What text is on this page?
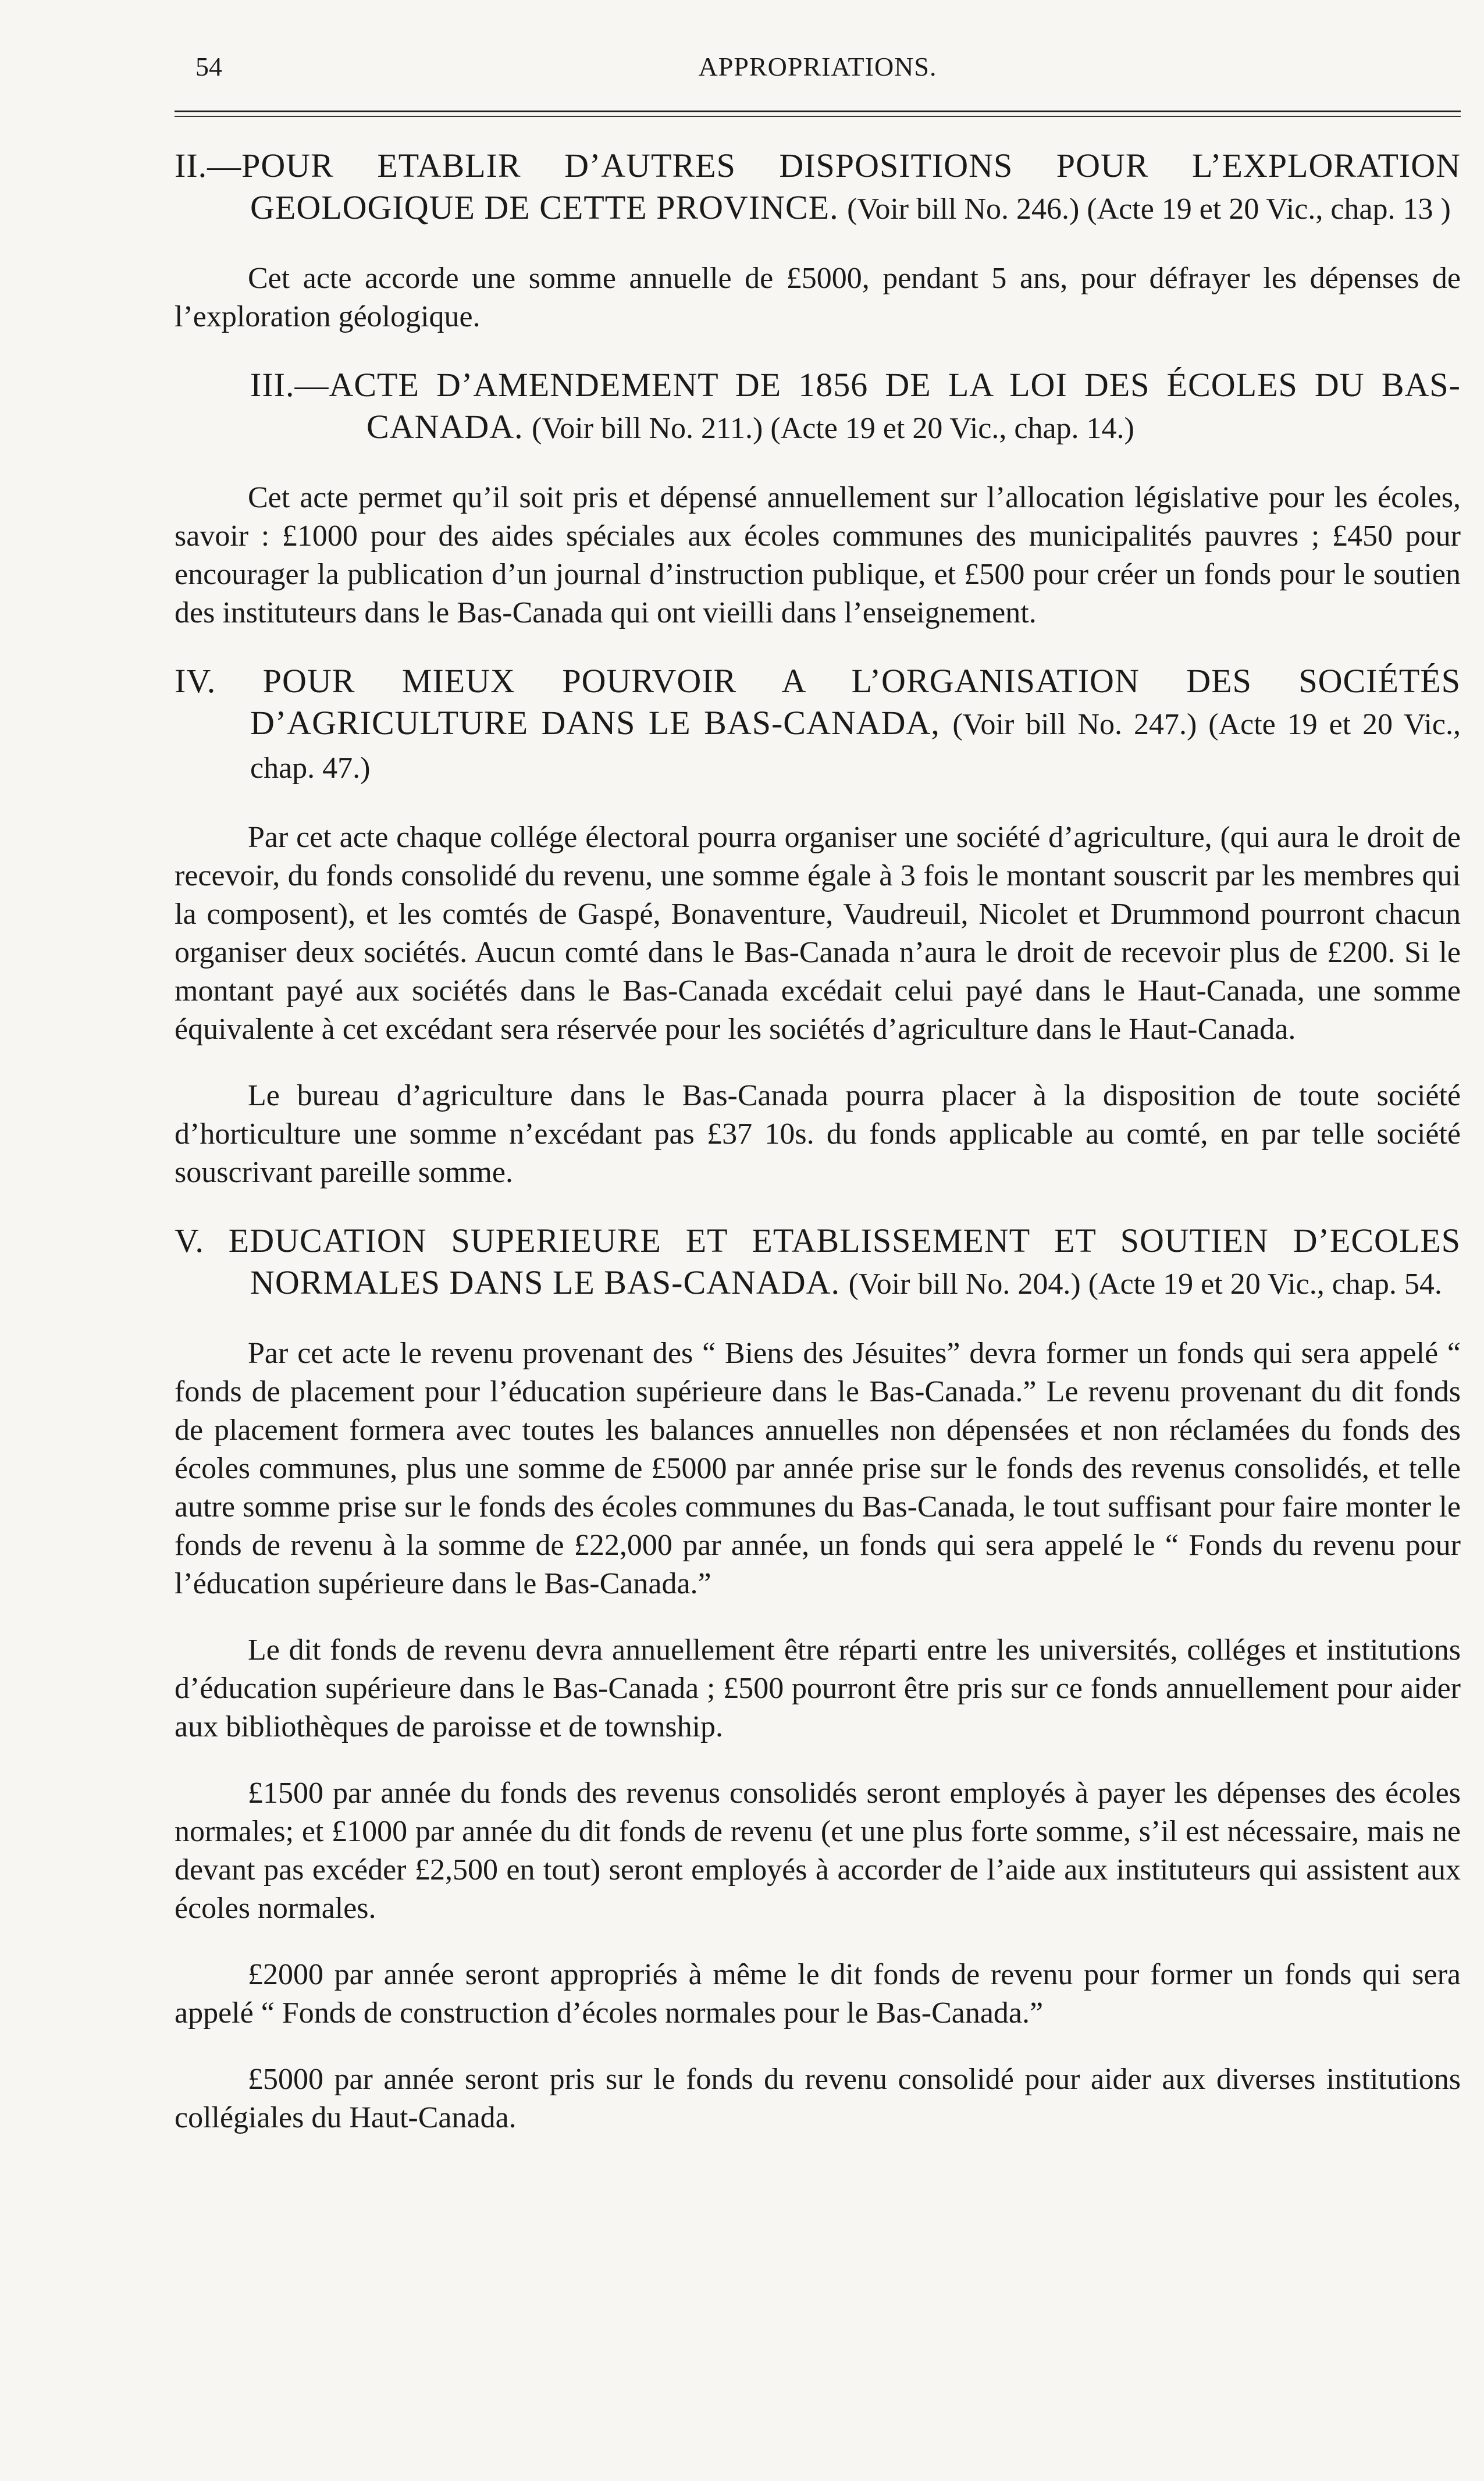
54	APPROPRIATIONS.

II.—POUR ETABLIR D’AUTRES DISPOSITIONS POUR L’EXPLORATION GEOLOGIQUE DE CETTE PROVINCE. (Voir bill No. 246.) (Acte 19 et 20 Vic., chap. 13 )

Cet acte accorde une somme annuelle de £5000, pendant 5 ans, pour défrayer les dépenses de l’exploration géologique.

III.—ACTE D’AMENDEMENT DE 1856 DE LA LOI DES ÉCOLES DU BAS-CANADA. (Voir bill No. 211.) (Acte 19 et 20 Vic., chap. 14.)

Cet acte permet qu’il soit pris et dépensé annuellement sur l’allocation législative pour les écoles, savoir : £1000 pour des aides spéciales aux écoles communes des municipalités pauvres ; £450 pour encourager la publication d’un journal d’instruction publique, et £500 pour créer un fonds pour le soutien des instituteurs dans le Bas-Canada qui ont vieilli dans l’enseignement.

IV. POUR MIEUX POURVOIR A L’ORGANISATION DES SOCIÉTÉS D’AGRICULTURE DANS LE BAS-CANADA, (Voir bill No. 247.) (Acte 19 et 20 Vic., chap. 47.)

Par cet acte chaque collége électoral pourra organiser une société d’agriculture, (qui aura le droit de recevoir, du fonds consolidé du revenu, une somme égale à 3 fois le montant souscrit par les membres qui la composent), et les comtés de Gaspé, Bonaventure, Vaudreuil, Nicolet et Drummond pourront chacun organiser deux sociétés. Aucun comté dans le Bas-Canada n’aura le droit de recevoir plus de £200. Si le montant payé aux sociétés dans le Bas-Canada excédait celui payé dans le Haut-Canada, une somme équivalente à cet excédant sera réservée pour les sociétés d’agriculture dans le Haut-Canada.

Le bureau d’agriculture dans le Bas-Canada pourra placer à la disposition de toute société d’horticulture une somme n’excédant pas £37 10s. du fonds applicable au comté, en par telle société souscrivant pareille somme.

V. EDUCATION SUPERIEURE ET ETABLISSEMENT ET SOUTIEN D’ECOLES NORMALES DANS LE BAS-CANADA. (Voir bill No. 204.) (Acte 19 et 20 Vic., chap. 54.

Par cet acte le revenu provenant des “ Biens des Jésuites” devra former un fonds qui sera appelé “ fonds de placement pour l’éducation supérieure dans le Bas-Canada.” Le revenu provenant du dit fonds de placement formera avec toutes les balances annuelles non dépensées et non réclamées du fonds des écoles communes, plus une somme de £5000 par année prise sur le fonds des revenus consolidés, et telle autre somme prise sur le fonds des écoles communes du Bas-Canada, le tout suffisant pour faire monter le fonds de revenu à la somme de £22,000 par année, un fonds qui sera appelé le “ Fonds du revenu pour l’éducation supérieure dans le Bas-Canada.”

Le dit fonds de revenu devra annuellement être réparti entre les universités, colléges et institutions d’éducation supérieure dans le Bas-Canada ; £500 pourront être pris sur ce fonds annuellement pour aider aux bibliothèques de paroisse et de township.

£1500 par année du fonds des revenus consolidés seront employés à payer les dépenses des écoles normales; et £1000 par année du dit fonds de revenu (et une plus forte somme, s’il est nécessaire, mais ne devant pas excéder £2,500 en tout) seront employés à accorder de l’aide aux instituteurs qui assistent aux écoles normales.

£2000 par année seront appropriés à même le dit fonds de revenu pour former un fonds qui sera appelé “ Fonds de construction d’écoles normales pour le Bas-Canada.”

£5000 par année seront pris sur le fonds du revenu consolidé pour aider aux diverses institutions collégiales du Haut-Canada.
